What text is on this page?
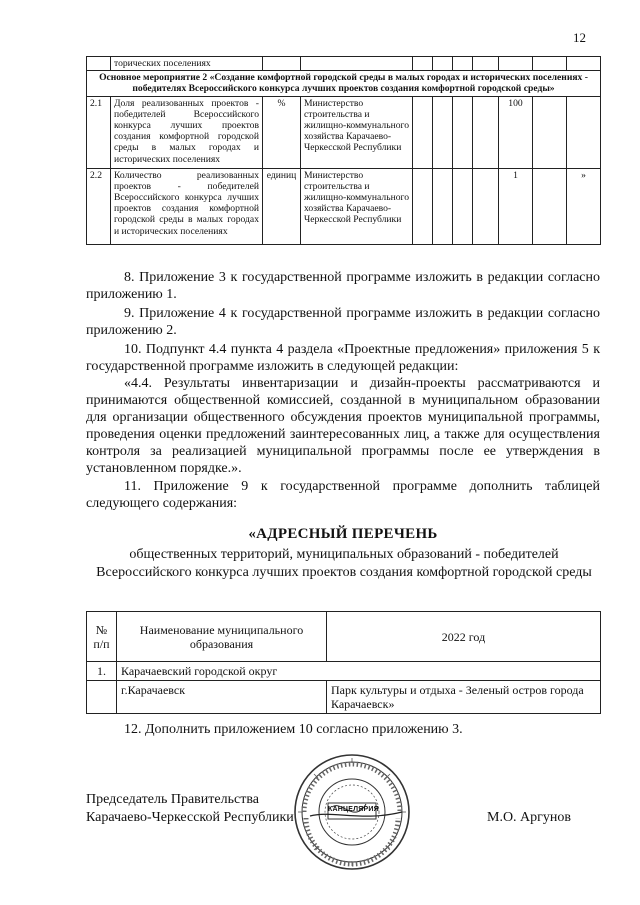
12
	торических поселениях									
Основное мероприятие 2 «Создание комфортной городской среды в малых городах и исторических поселениях - победителях Всероссийского конкурса лучших проектов создания комфортной городской среды»										
2.1	Доля реализованных проектов - победителей Всероссийского конкурса лучших проектов создания комфортной городской среды в малых городах и исторических поселениях	%	Министерство строительства и жилищно-коммунального хозяйства Карачаево-Черкесской Республики					100		
2.2	Количество реализованных проектов - победителей Всероссийского конкурса лучших проектов создания комфортной городской среды в малых городах и исторических поселениях	единиц	Министерство строительства и жилищно-коммунального хозяйства Карачаево-Черкесской Республики					1		»
8. Приложение 3 к государственной программе изложить в редакции согласно приложению 1.
9. Приложение 4 к государственной программе изложить в редакции согласно приложению 2.
10. Подпункт 4.4 пункта 4 раздела «Проектные предложения» приложения 5 к государственной программе изложить в следующей редакции:
«4.4. Результаты инвентаризации и дизайн-проекты рассматриваются и принимаются общественной комиссией, созданной в муниципальном образовании для организации общественного обсуждения проектов муниципальной программы, проведения оценки предложений заинтересованных лиц, а также для осуществления контроля за реализацией муниципальной программы после ее утверждения в установленном порядке.».
11. Приложение 9 к государственной программе дополнить таблицей следующего содержания:
«АДРЕСНЫЙ ПЕРЕЧЕНЬ
общественных территорий, муниципальных образований - победителей Всероссийского конкурса лучших проектов создания комфортной городской среды
№ п/п	Наименование муниципального образования	2022 год
1.	Карачаевский городской округ	
	г.Карачаевск	Парк культуры и отдыха - Зеленый остров города Карачаевск»
12. Дополнить приложением 10 согласно приложению 3.
Председатель Правительства
Карачаево-Черкесской Республики	М.О. Аргунов
КАНЦЕЛЯРИЯ
